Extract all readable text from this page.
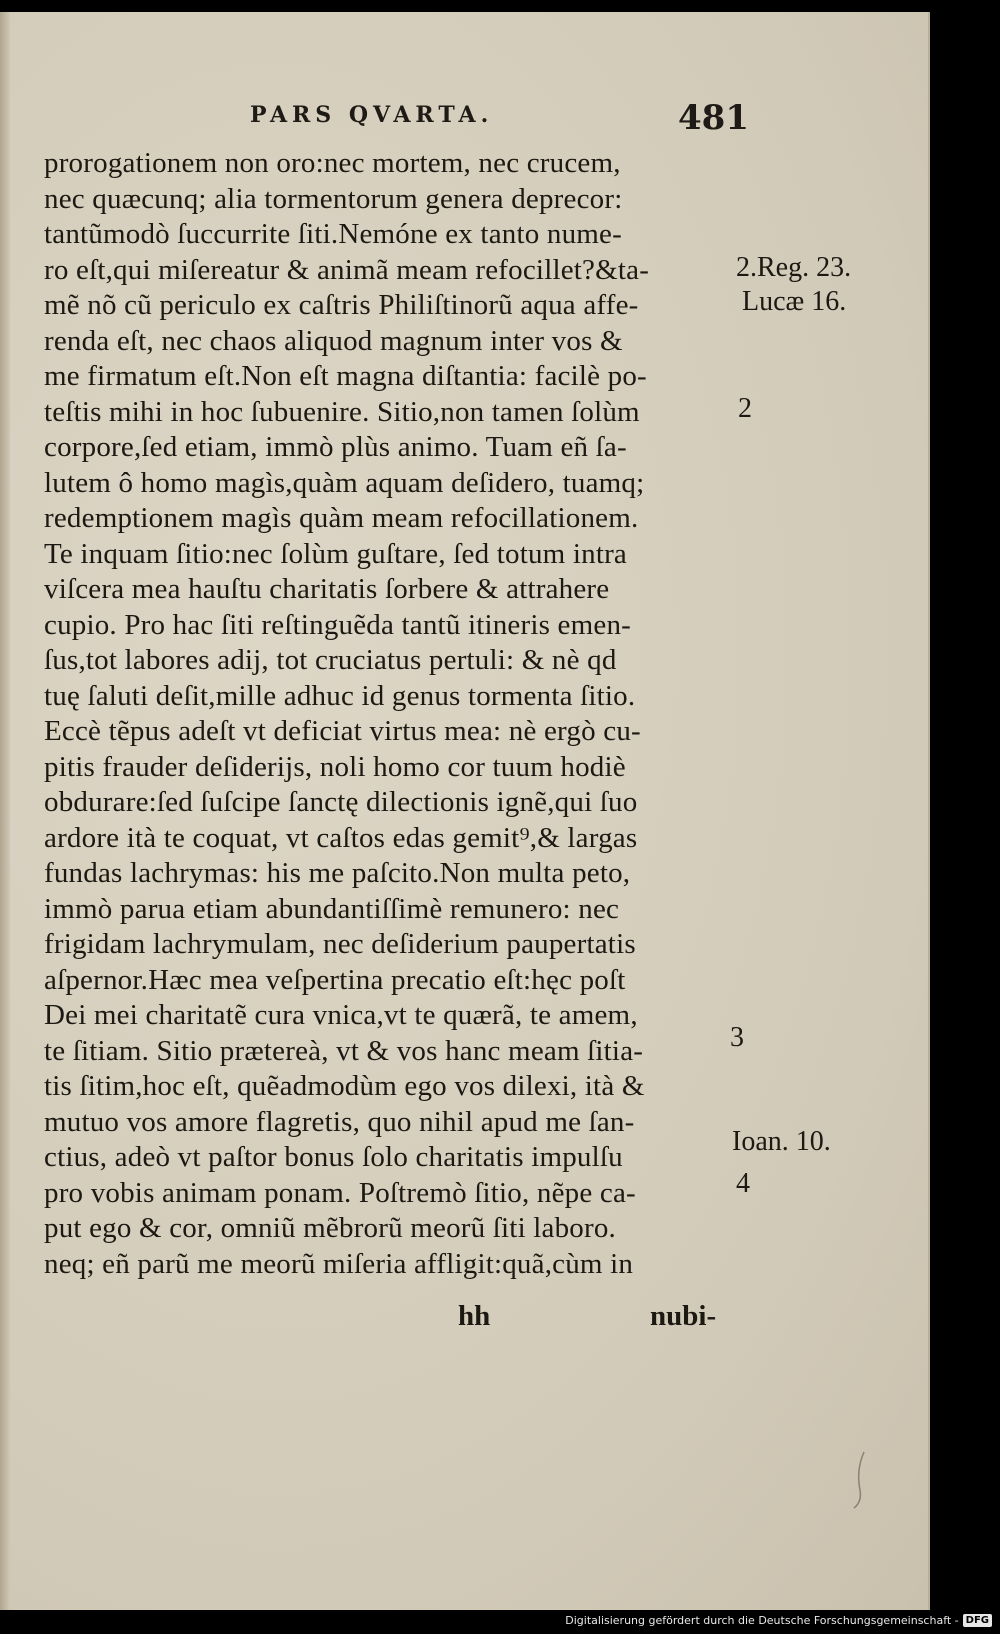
PARS QVARTA.	481
prorogationem non oro:nec mortem, nec crucem,
nec quæcunq; alia tormentorum genera deprecor:
tantũmodò ſuccurrite ſiti.Nemóne ex tanto nume-
ro eſt,qui miſereatur & animã meam refocillet?&ta-
mẽ nõ cũ periculo ex caſtris Philiſtinorũ aqua affe-
renda eſt, nec chaos aliquod magnum inter vos &
me firmatum eſt.Non eſt magna diſtantia: facilè po-
teſtis mihi in hoc ſubuenire. Sitio,non tamen ſolùm
corpore,ſed etiam, immò plùs animo. Tuam eñ ſa-
lutem ô homo magìs,quàm aquam deſidero, tuamq;
redemptionem magìs quàm meam refocillationem.
Te inquam ſitio:nec ſolùm guſtare, ſed totum intra
viſcera mea hauſtu charitatis ſorbere & attrahere
cupio. Pro hac ſiti reſtinguẽda tantũ itineris emen-
ſus,tot labores adij, tot cruciatus pertuli: & nè qd
tuę ſaluti deſit,mille adhuc id genus tormenta ſitio.
Eccè tẽpus adeſt vt deficiat virtus mea: nè ergò cu-
pitis frauder deſiderijs, noli homo cor tuum hodiè
obdurare:ſed ſuſcipe ſanctę dilectionis ignẽ,qui ſuo
ardore ità te coquat, vt caſtos edas gemit⁹,& largas
fundas lachrymas: his me paſcito.Non multa peto,
immò parua etiam abundantiſſimè remunero: nec
frigidam lachrymulam, nec deſiderium paupertatis
aſpernor.Hæc mea veſpertina precatio eſt:hęc poſt
Dei mei charitatẽ cura vnica,vt te quærã, te amem,
te ſitiam. Sitio prætereà, vt & vos hanc meam ſitia-
tis ſitim,hoc eſt, quẽadmodùm ego vos dilexi, ità &
mutuo vos amore flagretis, quo nihil apud me ſan-
ctius, adeò vt paſtor bonus ſolo charitatis impulſu
pro vobis animam ponam. Poſtremò ſitio, nẽpe ca-
put ego & cor, omniũ mẽbrorũ meorũ ſiti laboro.
neq; eñ parũ me meorũ miſeria affligit:quã,cùm in
2.Reg. 23.
Lucæ 16.
2
3
Ioan. 10.
4
hh	nubi-
Digitalisierung gefördert durch die Deutsche Forschungsgemeinschaft - DFG
